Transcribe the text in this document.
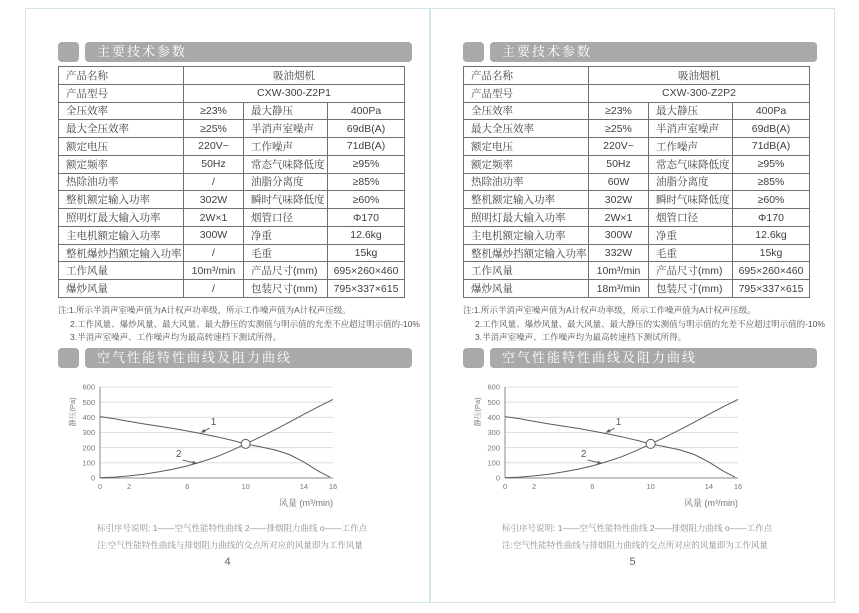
主要技术参数
产品名称	吸油烟机		
产品型号	CXW-300-Z2P1		
全压效率	≥23%	最大静压	400Pa
最大全压效率	≥25%	半消声室噪声	69dB(A)
额定电压	220V~	工作噪声	71dB(A)
额定频率	50Hz	常态气味降低度	≥95%
热除油功率	/	油脂分离度	≥85%
整机额定输入功率	302W	瞬时气味降低度	≥60%
照明灯最大输入功率	2W×1	烟管口径	Φ170
主电机额定输入功率	300W	净重	12.6kg
整机爆炒挡额定输入功率	/	毛重	15kg
工作风量	10m³/min	产品尺寸(mm)	695×260×460
爆炒风量	/	包装尺寸(mm)	795×337×615
注:1.所示半消声室噪声值为A计权声功率级，所示工作噪声值为A计权声压级。
2.工作风量、爆炒风量、最大风量、最大静压的实测值与明示值的允差不应超过明示值的-10%
3.半消声室噪声、工作噪声均为最高转速档下测试所得。
空气性能特性曲线及阻力曲线
0
100
200
300
400
500
600
0	2	6	10	14	16
静压(Pa)
风量 (m³/min)
1
2
标引序号说明: 1——空气性能特性曲线 2——排烟阻力曲线 o——工作点
注:空气性能特性曲线与排烟阻力曲线的交点所对应的风量即为工作风量
4
主要技术参数
产品名称	吸油烟机		
产品型号	CXW-300-Z2P2		
全压效率	≥23%	最大静压	400Pa
最大全压效率	≥25%	半消声室噪声	69dB(A)
额定电压	220V~	工作噪声	71dB(A)
额定频率	50Hz	常态气味降低度	≥95%
热除油功率	60W	油脂分离度	≥85%
整机额定输入功率	302W	瞬时气味降低度	≥60%
照明灯最大输入功率	2W×1	烟管口径	Φ170
主电机额定输入功率	300W	净重	12.6kg
整机爆炒挡额定输入功率	332W	毛重	15kg
工作风量	10m³/min	产品尺寸(mm)	695×260×460
爆炒风量	18m³/min	包装尺寸(mm)	795×337×615
注:1.所示半消声室噪声值为A计权声功率级，所示工作噪声值为A计权声压级。
2.工作风量、爆炒风量、最大风量、最大静压的实测值与明示值的允差不应超过明示值的-10%
3.半消声室噪声、工作噪声均为最高转速档下测试所得。
空气性能特性曲线及阻力曲线
0
100
200
300
400
500
600
0	2	6	10	14	16
静压(Pa)
风量 (m³/min)
1
2
标引序号说明: 1——空气性能特性曲线 2——排烟阻力曲线 o——工作点
注:空气性能特性曲线与排烟阻力曲线的交点所对应的风量即为工作风量
5
